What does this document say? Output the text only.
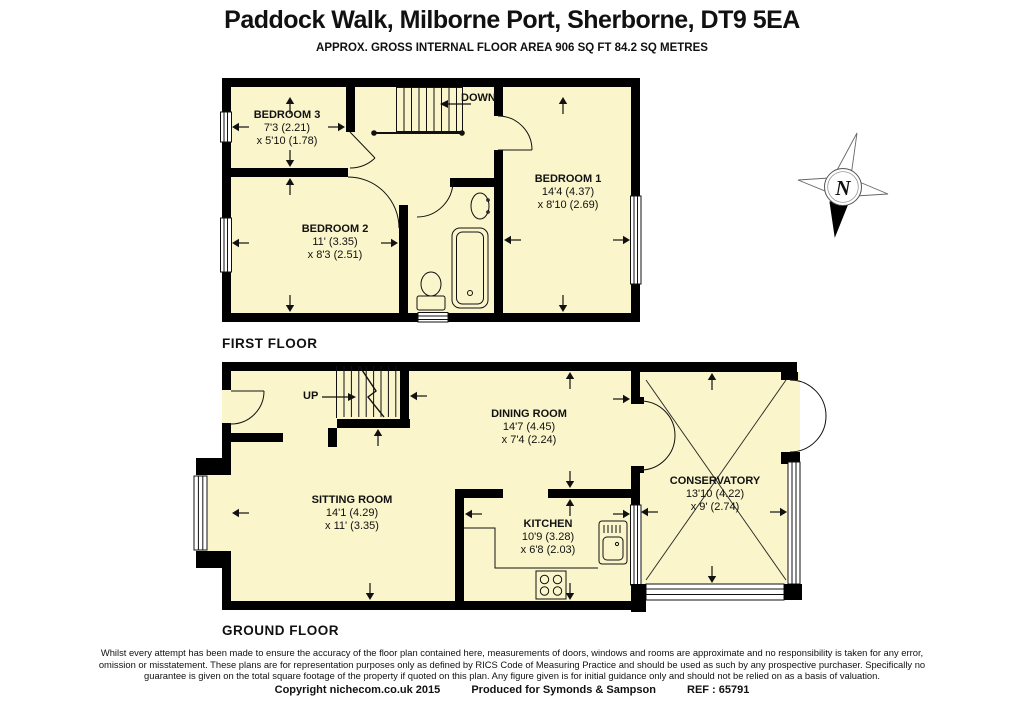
Paddock Walk, Milborne Port, Sherborne, DT9 5EA
APPROX. GROSS INTERNAL FLOOR AREA 906 SQ FT 84.2 SQ METRES
N
DOWN
UP
BEDROOM 3
7'3 (2.21)
x 5'10 (1.78)
BEDROOM 2
11' (3.35)
x 8'3 (2.51)
BEDROOM 1
14'4 (4.37)
x 8'10 (2.69)
FIRST FLOOR
SITTING ROOM
14'1 (4.29)
x 11' (3.35)
DINING ROOM
14'7 (4.45)
x 7'4 (2.24)
KITCHEN
10'9 (3.28)
x 6'8 (2.03)
CONSERVATORY
13'10 (4.22)
x 9' (2.74)
GROUND FLOOR
Whilst every attempt has been made to ensure the accuracy of the floor plan contained here, measurements of doors, windows and rooms are approximate and no responsibility is taken for any error, omission or misstatement. These plans are for representation purposes only as defined by RICS Code of Measuring Practice and should be used as such by any prospective purchaser. Specifically no guarantee is given on the total square footage of the property if quoted on this plan. Any figure given is for initial guidance only and should not be relied on as a basis of valuation.
Copyright nichecom.co.uk 2015	Produced for Symonds & Sampson	REF : 65791
